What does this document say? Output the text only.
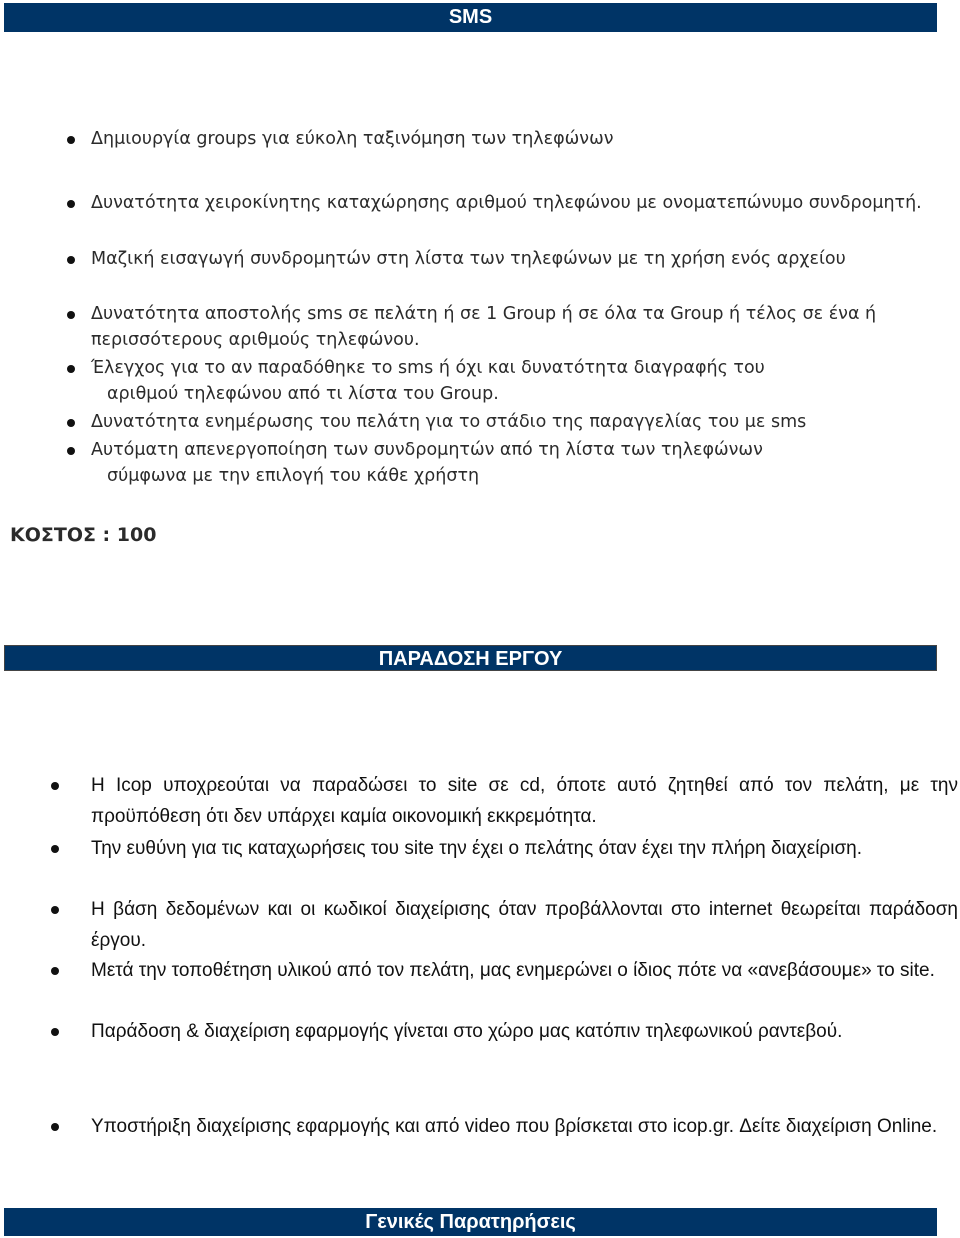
SMS
Δημιουργία groups για εύκολη ταξινόμηση των τηλεφώνων
Δυνατότητα χειροκίνητης καταχώρησης αριθμού τηλεφώνου με ονοματεπώνυμο συνδρομητή.
Μαζική εισαγωγή συνδρομητών στη λίστα των τηλεφώνων με τη χρήση ενός αρχείου
Δυνατότητα αποστολής sms σε πελάτη ή σε 1 Group ή σε όλα τα Group ή τέλος σε ένα ή περισσότερους αριθμούς τηλεφώνου.
Έλεγχος για το αν παραδόθηκε το sms ή όχι και δυνατότητα διαγραφής του
αριθμού τηλεφώνου από τι λίστα του Group.
Δυνατότητα ενημέρωσης του πελάτη για το στάδιο της παραγγελίας του με sms
Αυτόματη απενεργοποίηση των συνδρομητών από τη λίστα των τηλεφώνων
σύμφωνα με την επιλογή του κάθε χρήστη
ΚΟΣΤΟΣ : 100
ΠΑΡΑΔΟΣΗ ΕΡΓΟΥ
Η Icop υποχρεούται να παραδώσει το site σε cd, όποτε αυτό ζητηθεί από τον πελάτη, με την προϋπόθεση ότι δεν υπάρχει καμία οικονομική εκκρεμότητα.
Την ευθύνη για τις καταχωρήσεις του site την έχει ο πελάτης όταν έχει την πλήρη διαχείριση.
Η βάση δεδομένων και οι κωδικοί διαχείρισης όταν προβάλλονται στο internet θεωρείται παράδοση έργου.
Μετά την τοποθέτηση υλικού από τον πελάτη, μας ενημερώνει ο ίδιος πότε να «ανεβάσουμε» το site.
Παράδοση & διαχείριση εφαρμογής γίνεται στο χώρο μας κατόπιν τηλεφωνικού ραντεβού.
Υποστήριξη διαχείρισης εφαρμογής και από video που βρίσκεται στο icop.gr. Δείτε διαχείριση Online.
Γενικές Παρατηρήσεις
